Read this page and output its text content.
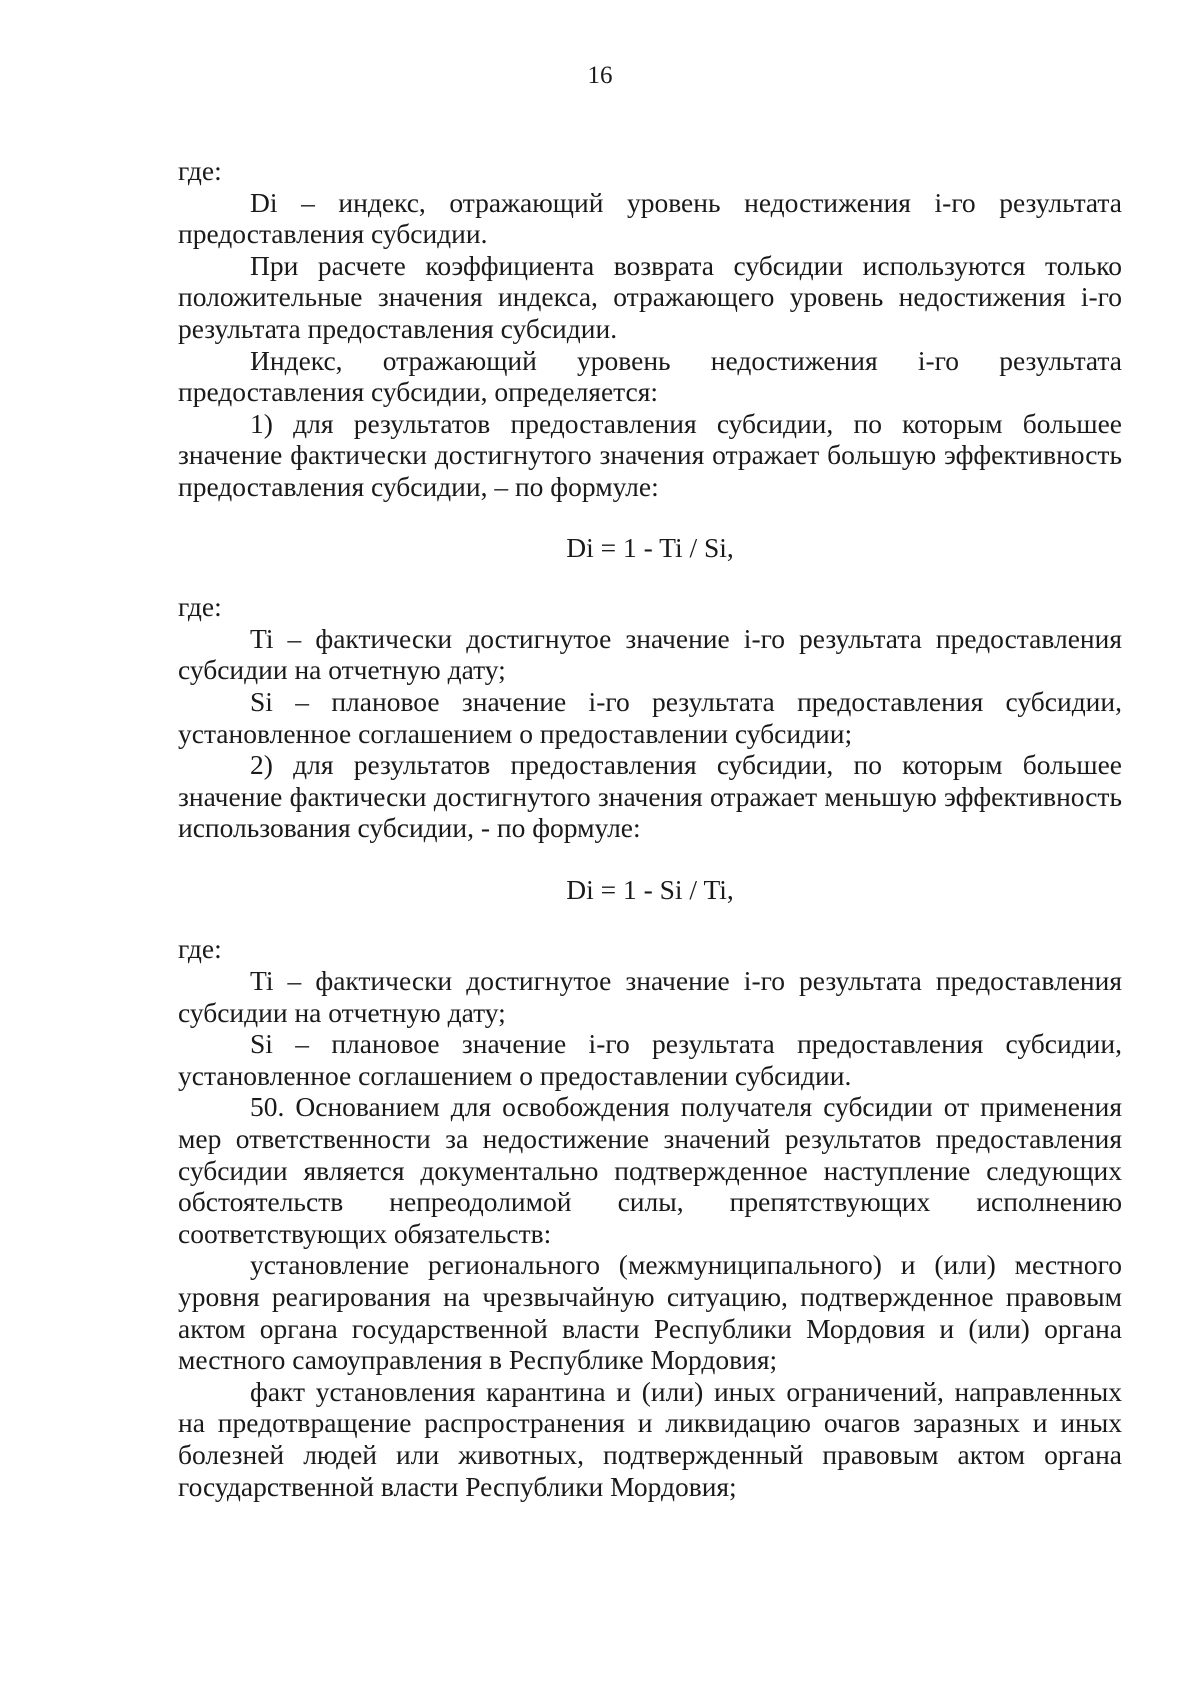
16

где:

Di – индекс, отражающий уровень недостижения i-го результата предоставления субсидии.

При расчете коэффициента возврата субсидии используются только положительные значения индекса, отражающего уровень недостижения i-го результата предоставления субсидии.

Индекс, отражающий уровень недостижения i-го результата предоставления субсидии, определяется:

1) для результатов предоставления субсидии, по которым большее значение фактически достигнутого значения отражает большую эффективность предоставления субсидии, – по формуле:

Di = 1 - Ti / Si,

где:

Ti – фактически достигнутое значение i-го результата предоставления субсидии на отчетную дату;

Si – плановое значение i-го результата предоставления субсидии, установленное соглашением о предоставлении субсидии;

2) для результатов предоставления субсидии, по которым большее значение фактически достигнутого значения отражает меньшую эффективность использования субсидии, - по формуле:

Di = 1 - Si / Ti,

где:

Ti – фактически достигнутое значение i-го результата предоставления субсидии на отчетную дату;

Si – плановое значение i-го результата предоставления субсидии, установленное соглашением о предоставлении субсидии.

50. Основанием для освобождения получателя субсидии от применения мер ответственности за недостижение значений результатов предоставления субсидии является документально подтвержденное наступление следующих обстоятельств непреодолимой силы, препятствующих исполнению соответствующих обязательств:

установление регионального (межмуниципального) и (или) местного уровня реагирования на чрезвычайную ситуацию, подтвержденное правовым актом органа государственной власти Республики Мордовия и (или) органа местного самоуправления в Республике Мордовия;

факт установления карантина и (или) иных ограничений, направленных на предотвращение распространения и ликвидацию очагов заразных и иных болезней людей или животных, подтвержденный правовым актом органа государственной власти Республики Мордовия;
